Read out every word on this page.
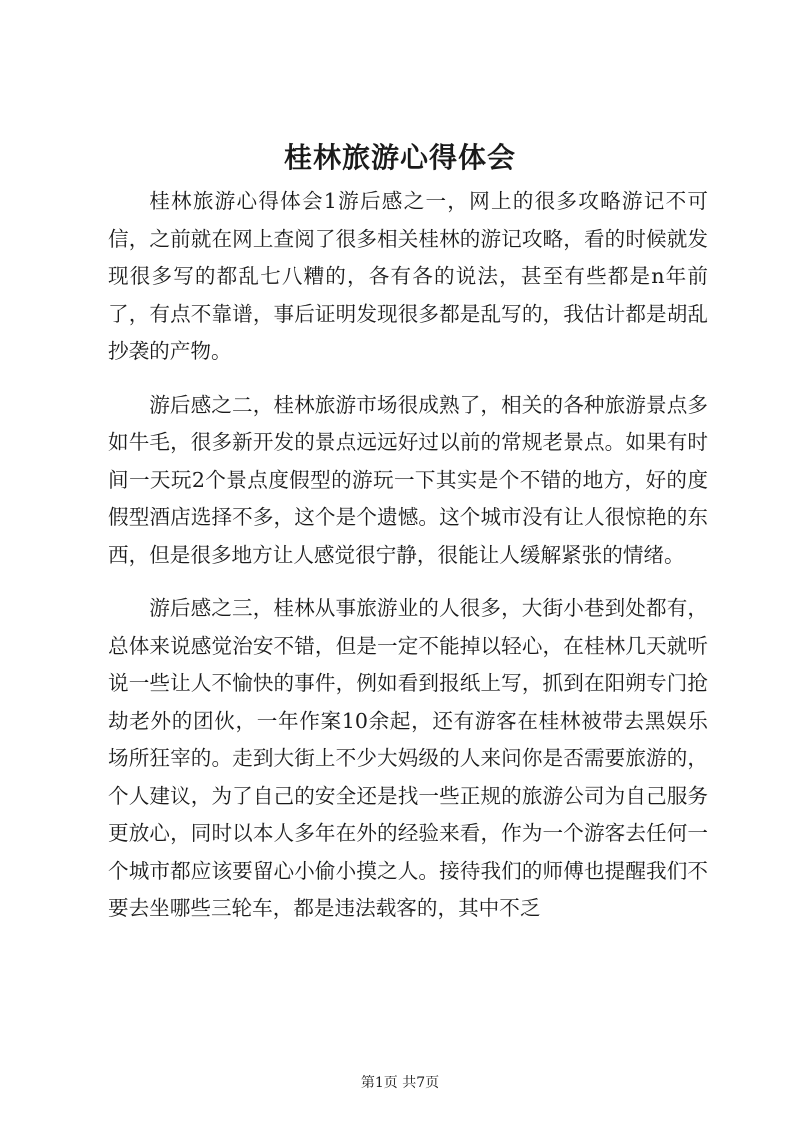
桂林旅游心得体会

桂林旅游心得体会1游后感之一，网上的很多攻略游记不可信，之前就在网上查阅了很多相关桂林的游记攻略，看的时候就发现很多写的都乱七八糟的，各有各的说法，甚至有些都是n年前了，有点不靠谱，事后证明发现很多都是乱写的，我估计都是胡乱抄袭的产物。

游后感之二，桂林旅游市场很成熟了，相关的各种旅游景点多如牛毛，很多新开发的景点远远好过以前的常规老景点。如果有时间一天玩2个景点度假型的游玩一下其实是个不错的地方，好的度假型酒店选择不多，这个是个遗憾。这个城市没有让人很惊艳的东西，但是很多地方让人感觉很宁静，很能让人缓解紧张的情绪。

游后感之三，桂林从事旅游业的人很多，大街小巷到处都有，总体来说感觉治安不错，但是一定不能掉以轻心，在桂林几天就听说一些让人不愉快的事件，例如看到报纸上写，抓到在阳朔专门抢劫老外的团伙，一年作案10余起，还有游客在桂林被带去黑娱乐场所狂宰的。走到大街上不少大妈级的人来问你是否需要旅游的，个人建议，为了自己的安全还是找一些正规的旅游公司为自己服务更放心，同时以本人多年在外的经验来看，作为一个游客去任何一个城市都应该要留心小偷小摸之人。接待我们的师傅也提醒我们不要去坐哪些三轮车，都是违法载客的，其中不乏

第1页 共7页
